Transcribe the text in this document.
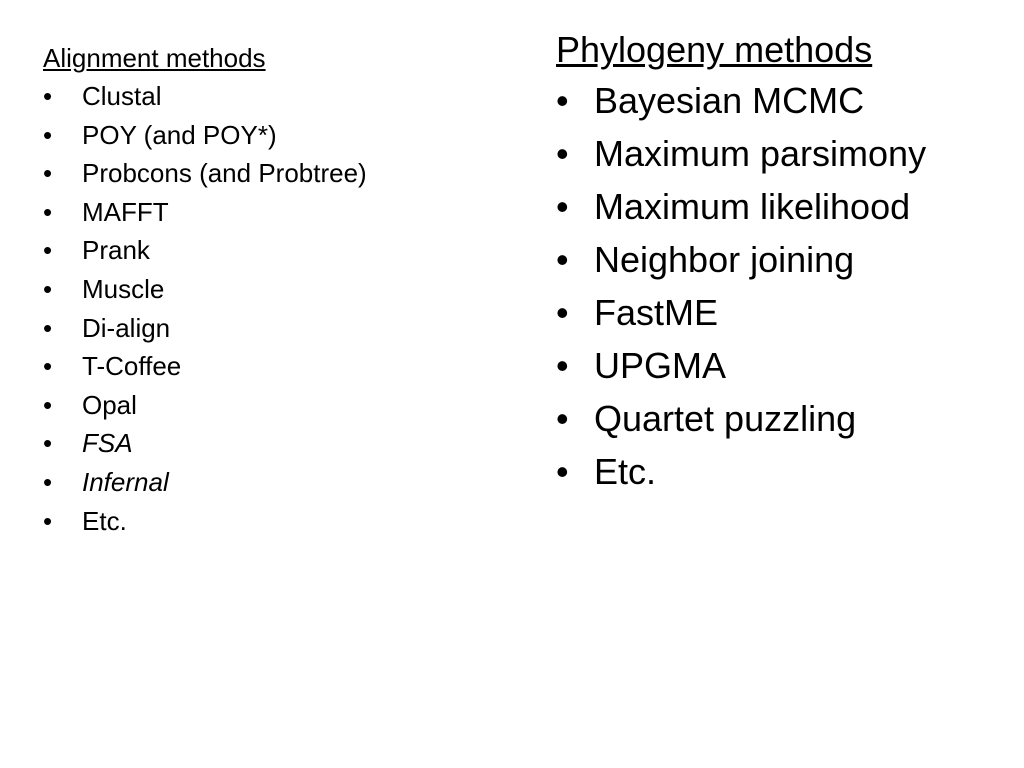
Alignment methods
•	Clustal
•	POY (and POY*)
•	Probcons (and Probtree)
•	MAFFT
•	Prank
•	Muscle
•	Di-align
•	T-Coffee
•	Opal
•	FSA
•	Infernal
•	Etc.
Phylogeny methods
• Bayesian MCMC
• Maximum parsimony
• Maximum likelihood
• Neighbor joining
• FastME
• UPGMA
• Quartet puzzling
• Etc.
